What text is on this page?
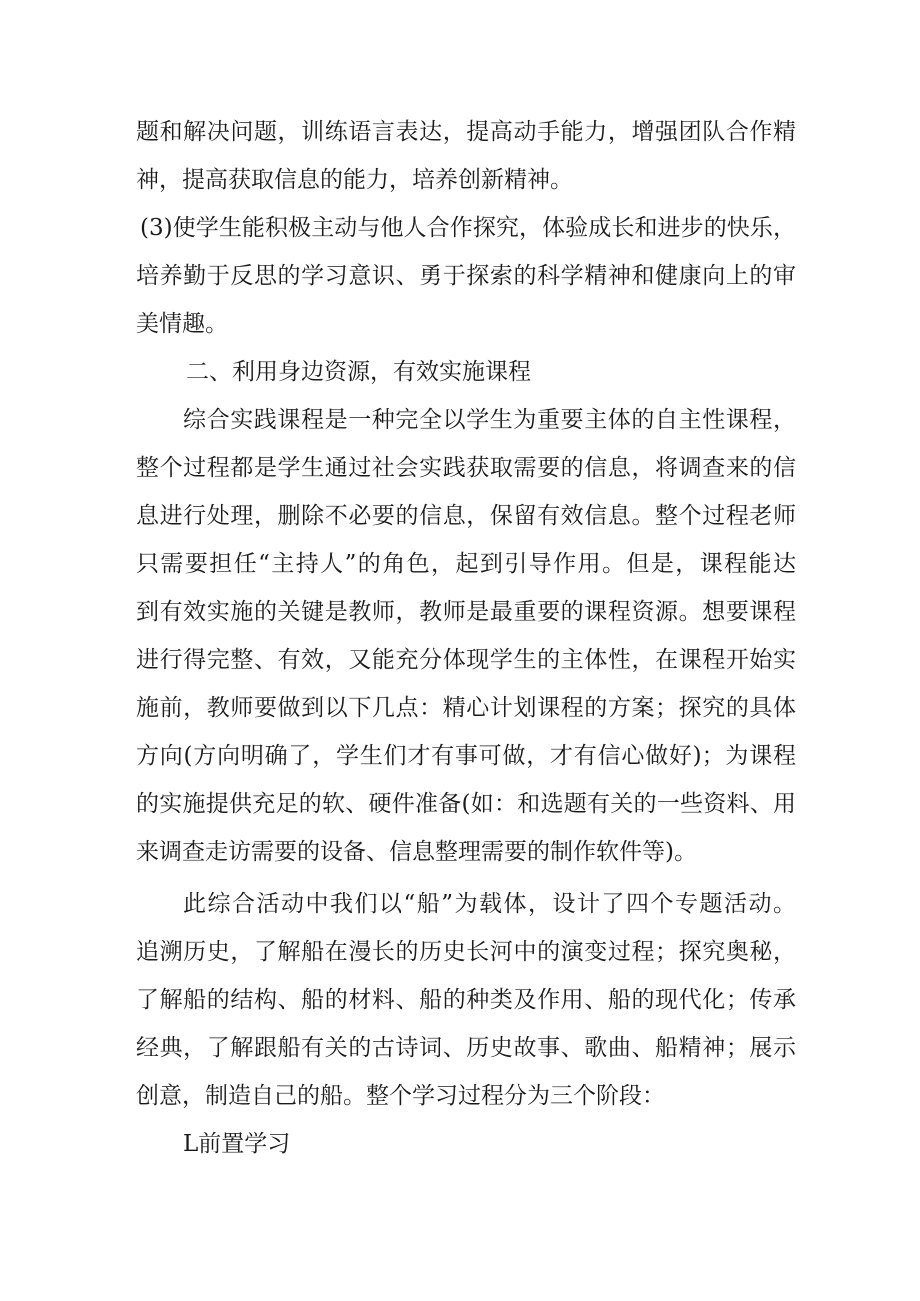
题和解决问题，训练语言表达，提高动手能力，增强团队合作精
神，提高获取信息的能力，培养创新精神。
(3)使学生能积极主动与他人合作探究，体验成长和进步的快乐，
培养勤于反思的学习意识、勇于探索的科学精神和健康向上的审
美情趣。
二、利用身边资源，有效实施课程
综合实践课程是一种完全以学生为重要主体的自主性课程，
整个过程都是学生通过社会实践获取需要的信息，将调查来的信
息进行处理，删除不必要的信息，保留有效信息。整个过程老师
只需要担任“主持人”的角色，起到引导作用。但是，课程能达
到有效实施的关键是教师，教师是最重要的课程资源。想要课程
进行得完整、有效，又能充分体现学生的主体性，在课程开始实
施前，教师要做到以下几点：精心计划课程的方案；探究的具体
方向(方向明确了，学生们才有事可做，才有信心做好)；为课程
的实施提供充足的软、硬件准备(如：和选题有关的一些资料、用
来调查走访需要的设备、信息整理需要的制作软件等)。
此综合活动中我们以“船”为载体，设计了四个专题活动。
追溯历史，了解船在漫长的历史长河中的演变过程；探究奥秘，
了解船的结构、船的材料、船的种类及作用、船的现代化；传承
经典，了解跟船有关的古诗词、历史故事、歌曲、船精神；展示
创意，制造自己的船。整个学习过程分为三个阶段：
L前置学习
